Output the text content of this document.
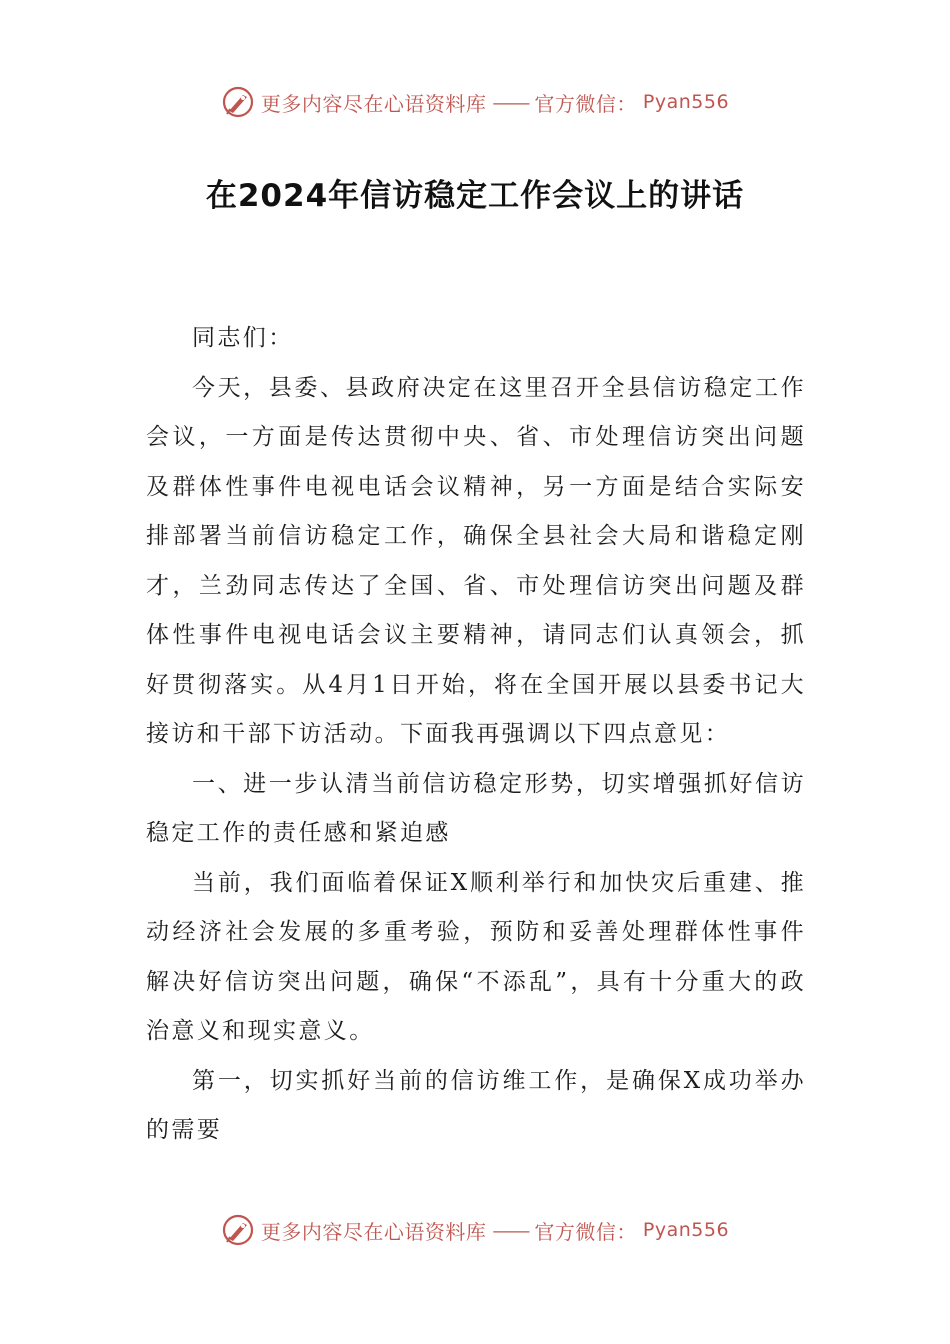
更多内容尽在心语资料库 —— 官方微信： Pyan556
在2024年信访稳定工作会议上的讲话

同志们：

今天，县委、县政府决定在这里召开全县信访稳定工作会议，一方面是传达贯彻中央、省、市处理信访突出问题及群体性事件电视电话会议精神，另一方面是结合实际安排部署当前信访稳定工作，确保全县社会大局和谐稳定刚才，兰劲同志传达了全国、省、市处理信访突出问题及群体性事件电视电话会议主要精神，请同志们认真领会，抓好贯彻落实。从4月1日开始，将在全国开展以县委书记大接访和干部下访活动。下面我再强调以下四点意见：

一、进一步认清当前信访稳定形势，切实增强抓好信访稳定工作的责任感和紧迫感

当前，我们面临着保证X顺利举行和加快灾后重建、推动经济社会发展的多重考验，预防和妥善处理群体性事件解决好信访突出问题，确保“不添乱”，具有十分重大的政治意义和现实意义。

第一，切实抓好当前的信访维工作，是确保X成功举办的需要

更多内容尽在心语资料库 —— 官方微信： Pyan556
